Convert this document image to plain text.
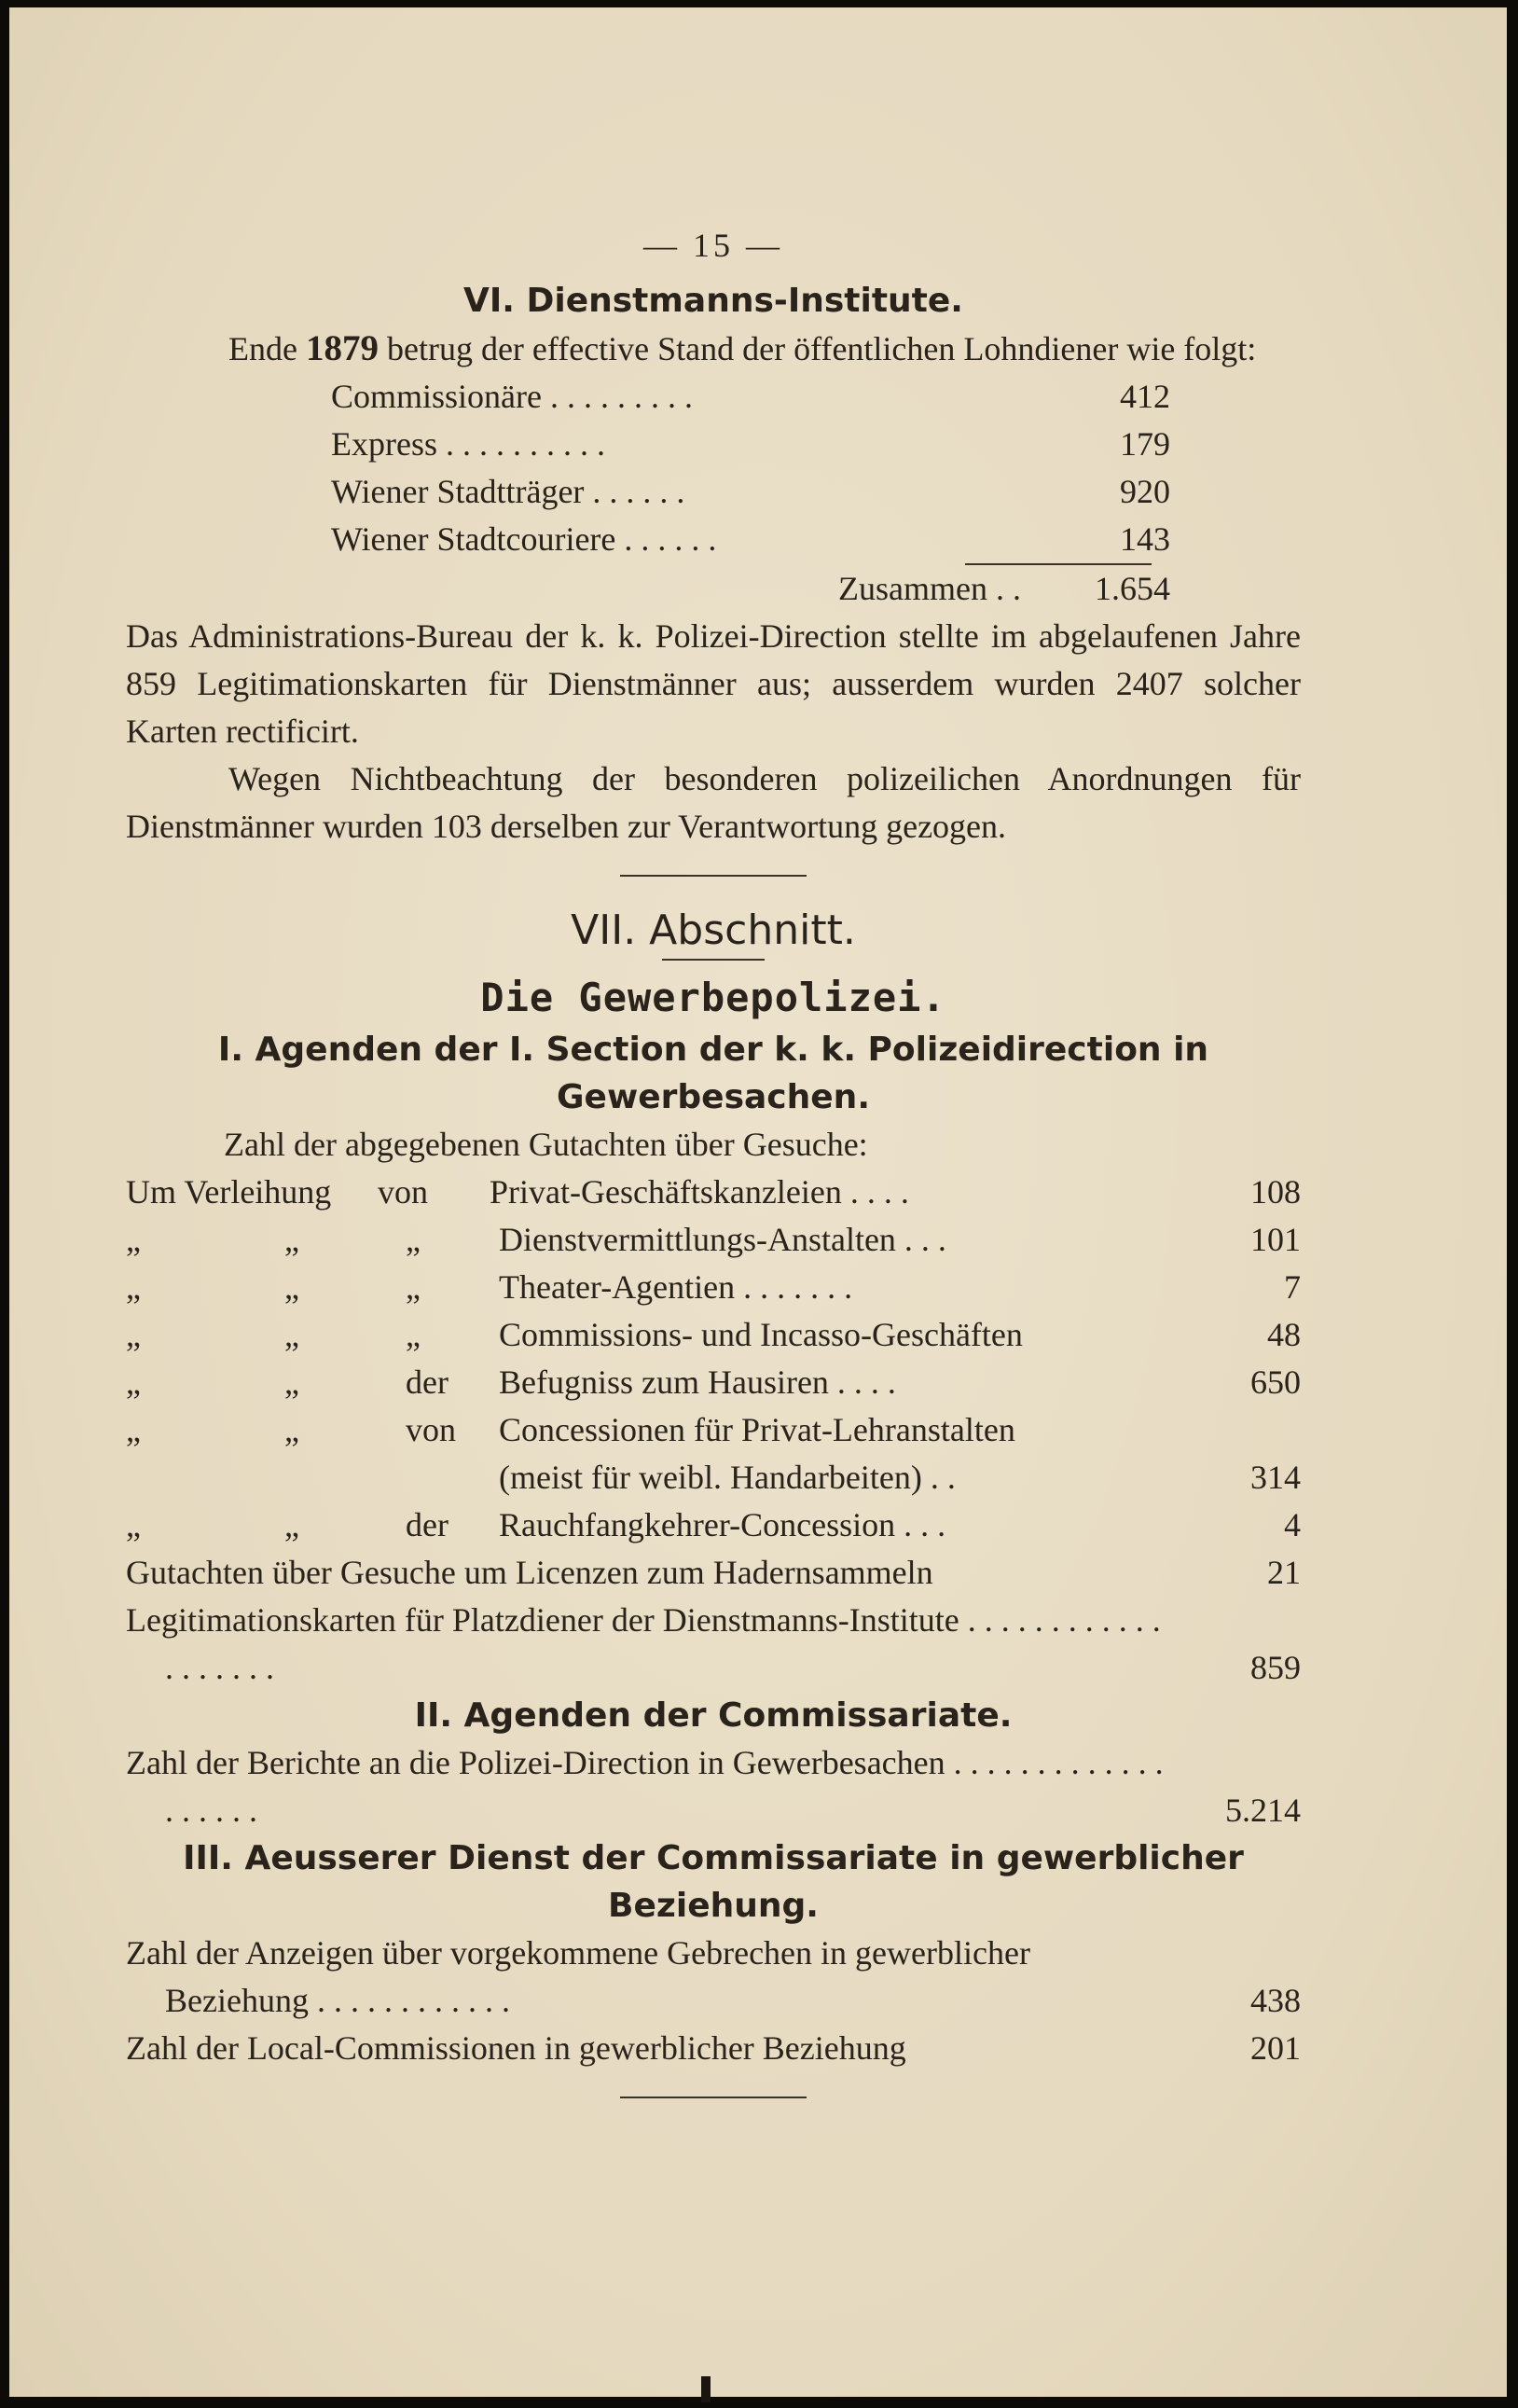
— 15 —
VI. Dienstmanns-Institute.
Ende 1879 betrug der effective Stand der öffentlichen Lohndiener wie folgt:
Commissionäre . . . . . . . . .	412
Express . . . . . . . . . .	179
Wiener Stadtträger . . . . . .	920
Wiener Stadtcouriere . . . . . .	143
Zusammen . .	1.654
Das Administrations-Bureau der k. k. Polizei-Direction stellte im abgelaufenen Jahre 859 Legitimationskarten für Dienstmänner aus; ausserdem wurden 2407 solcher Karten rectificirt.
Wegen Nichtbeachtung der besonderen polizeilichen Anordnungen für Dienstmänner wurden 103 derselben zur Verantwortung gezogen.
VII. Abschnitt.
Die Gewerbepolizei.
I. Agenden der I. Section der k. k. Polizeidirection in Gewerbesachen.
Zahl der abgegebenen Gutachten über Gesuche:
Um Verleihung	von	Privat-Geschäftskanzleien . . . .	108
„	„	„	Dienstvermittlungs-Anstalten . . .	101
„	„	„	Theater-Agentien . . . . . . .	7
„	„	„	Commissions- und Incasso-Geschäften	48
„	„	der	Befugniss zum Hausiren . . . .	650
„	„	von	Concessionen für Privat-Lehranstalten
(meist für weibl. Handarbeiten) . .	314
„	„	der	Rauchfangkehrer-Concession . . .	4
Gutachten über Gesuche um Licenzen zum Hadernsammeln	21
Legitimationskarten für Platzdiener der Dienstmanns-Institute . . . . . . . . . . . . . . . . . . .	859
II. Agenden der Commissariate.
Zahl der Berichte an die Polizei-Direction in Gewerbesachen . . . . . . . . . . . . . . . . . . .	5.214
III. Aeusserer Dienst der Commissariate in gewerblicher Beziehung.
Zahl der Anzeigen über vorgekommene Gebrechen in gewerblicher Beziehung . . . . . . . . . . . .	438
Zahl der Local-Commissionen in gewerblicher Beziehung	201
